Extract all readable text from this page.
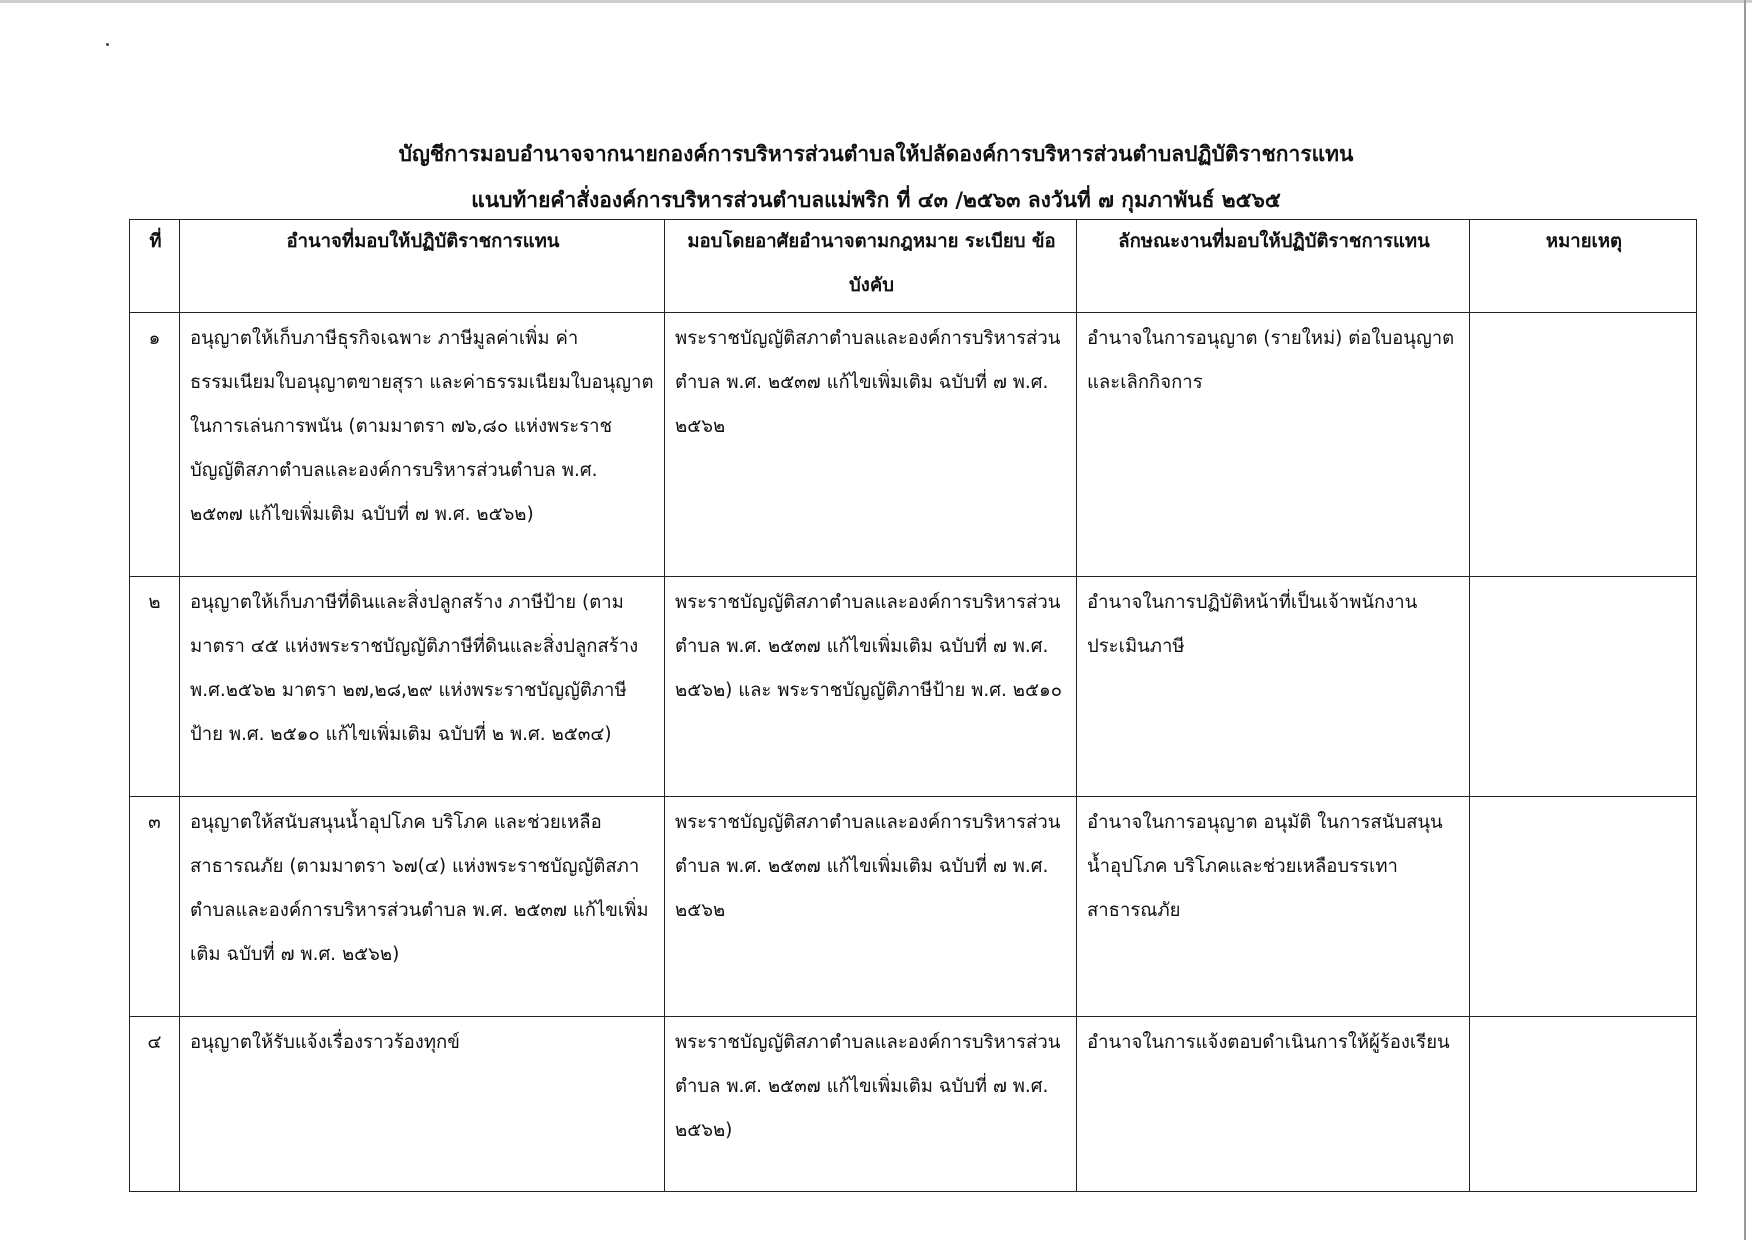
บัญชีการมอบอำนาจจากนายกองค์การบริหารส่วนตำบลให้ปลัดองค์การบริหารส่วนตำบลปฏิบัติราชการแทน
แนบท้ายคำสั่งองค์การบริหารส่วนตำบลแม่พริก ที่ ๔๓ /๒๕๖๓ ลงวันที่ ๗ กุมภาพันธ์ ๒๕๖๕
ที่	อำนาจที่มอบให้ปฏิบัติราชการแทน	มอบโดยอาศัยอำนาจตามกฎหมาย ระเบียบ ข้อบังคับ	ลักษณะงานที่มอบให้ปฏิบัติราชการแทน	หมายเหตุ
๑	อนุญาตให้เก็บภาษีธุรกิจเฉพาะ ภาษีมูลค่าเพิ่ม ค่าธรรมเนียมใบอนุญาตขายสุรา และค่าธรรมเนียมใบอนุญาตในการเล่นการพนัน (ตามมาตรา ๗๖,๘๐ แห่งพระราชบัญญัติสภาตำบลและองค์การบริหารส่วนตำบล พ.ศ. ๒๕๓๗ แก้ไขเพิ่มเติม ฉบับที่ ๗ พ.ศ. ๒๕๖๒)	พระราชบัญญัติสภาตำบลและองค์การบริหารส่วนตำบล พ.ศ. ๒๕๓๗ แก้ไขเพิ่มเติม ฉบับที่ ๗ พ.ศ. ๒๕๖๒	อำนาจในการอนุญาต (รายใหม่) ต่อใบอนุญาตและเลิกกิจการ	
๒	อนุญาตให้เก็บภาษีที่ดินและสิ่งปลูกสร้าง ภาษีป้าย (ตามมาตรา ๔๕ แห่งพระราชบัญญัติภาษีที่ดินและสิ่งปลูกสร้าง พ.ศ.๒๕๖๒ มาตรา ๒๗,๒๘,๒๙ แห่งพระราชบัญญัติภาษีป้าย พ.ศ. ๒๕๑๐ แก้ไขเพิ่มเติม ฉบับที่ ๒ พ.ศ. ๒๕๓๔)	พระราชบัญญัติสภาตำบลและองค์การบริหารส่วนตำบล พ.ศ. ๒๕๓๗ แก้ไขเพิ่มเติม ฉบับที่ ๗ พ.ศ. ๒๕๖๒) และ พระราชบัญญัติภาษีป้าย พ.ศ. ๒๕๑๐	อำนาจในการปฏิบัติหน้าที่เป็นเจ้าพนักงานประเมินภาษี	
๓	อนุญาตให้สนับสนุนน้ำอุปโภค บริโภค และช่วยเหลือสาธารณภัย (ตามมาตรา ๖๗(๔) แห่งพระราชบัญญัติสภาตำบลและองค์การบริหารส่วนตำบล พ.ศ. ๒๕๓๗ แก้ไขเพิ่มเติม ฉบับที่ ๗ พ.ศ. ๒๕๖๒)	พระราชบัญญัติสภาตำบลและองค์การบริหารส่วนตำบล พ.ศ. ๒๕๓๗ แก้ไขเพิ่มเติม ฉบับที่ ๗ พ.ศ. ๒๕๖๒	อำนาจในการอนุญาต อนุมัติ ในการสนับสนุนน้ำอุปโภค บริโภคและช่วยเหลือบรรเทาสาธารณภัย	
๔	อนุญาตให้รับแจ้งเรื่องราวร้องทุกข์	พระราชบัญญัติสภาตำบลและองค์การบริหารส่วนตำบล พ.ศ. ๒๕๓๗ แก้ไขเพิ่มเติม ฉบับที่ ๗ พ.ศ. ๒๕๖๒)	อำนาจในการแจ้งตอบดำเนินการให้ผู้ร้องเรียน	
